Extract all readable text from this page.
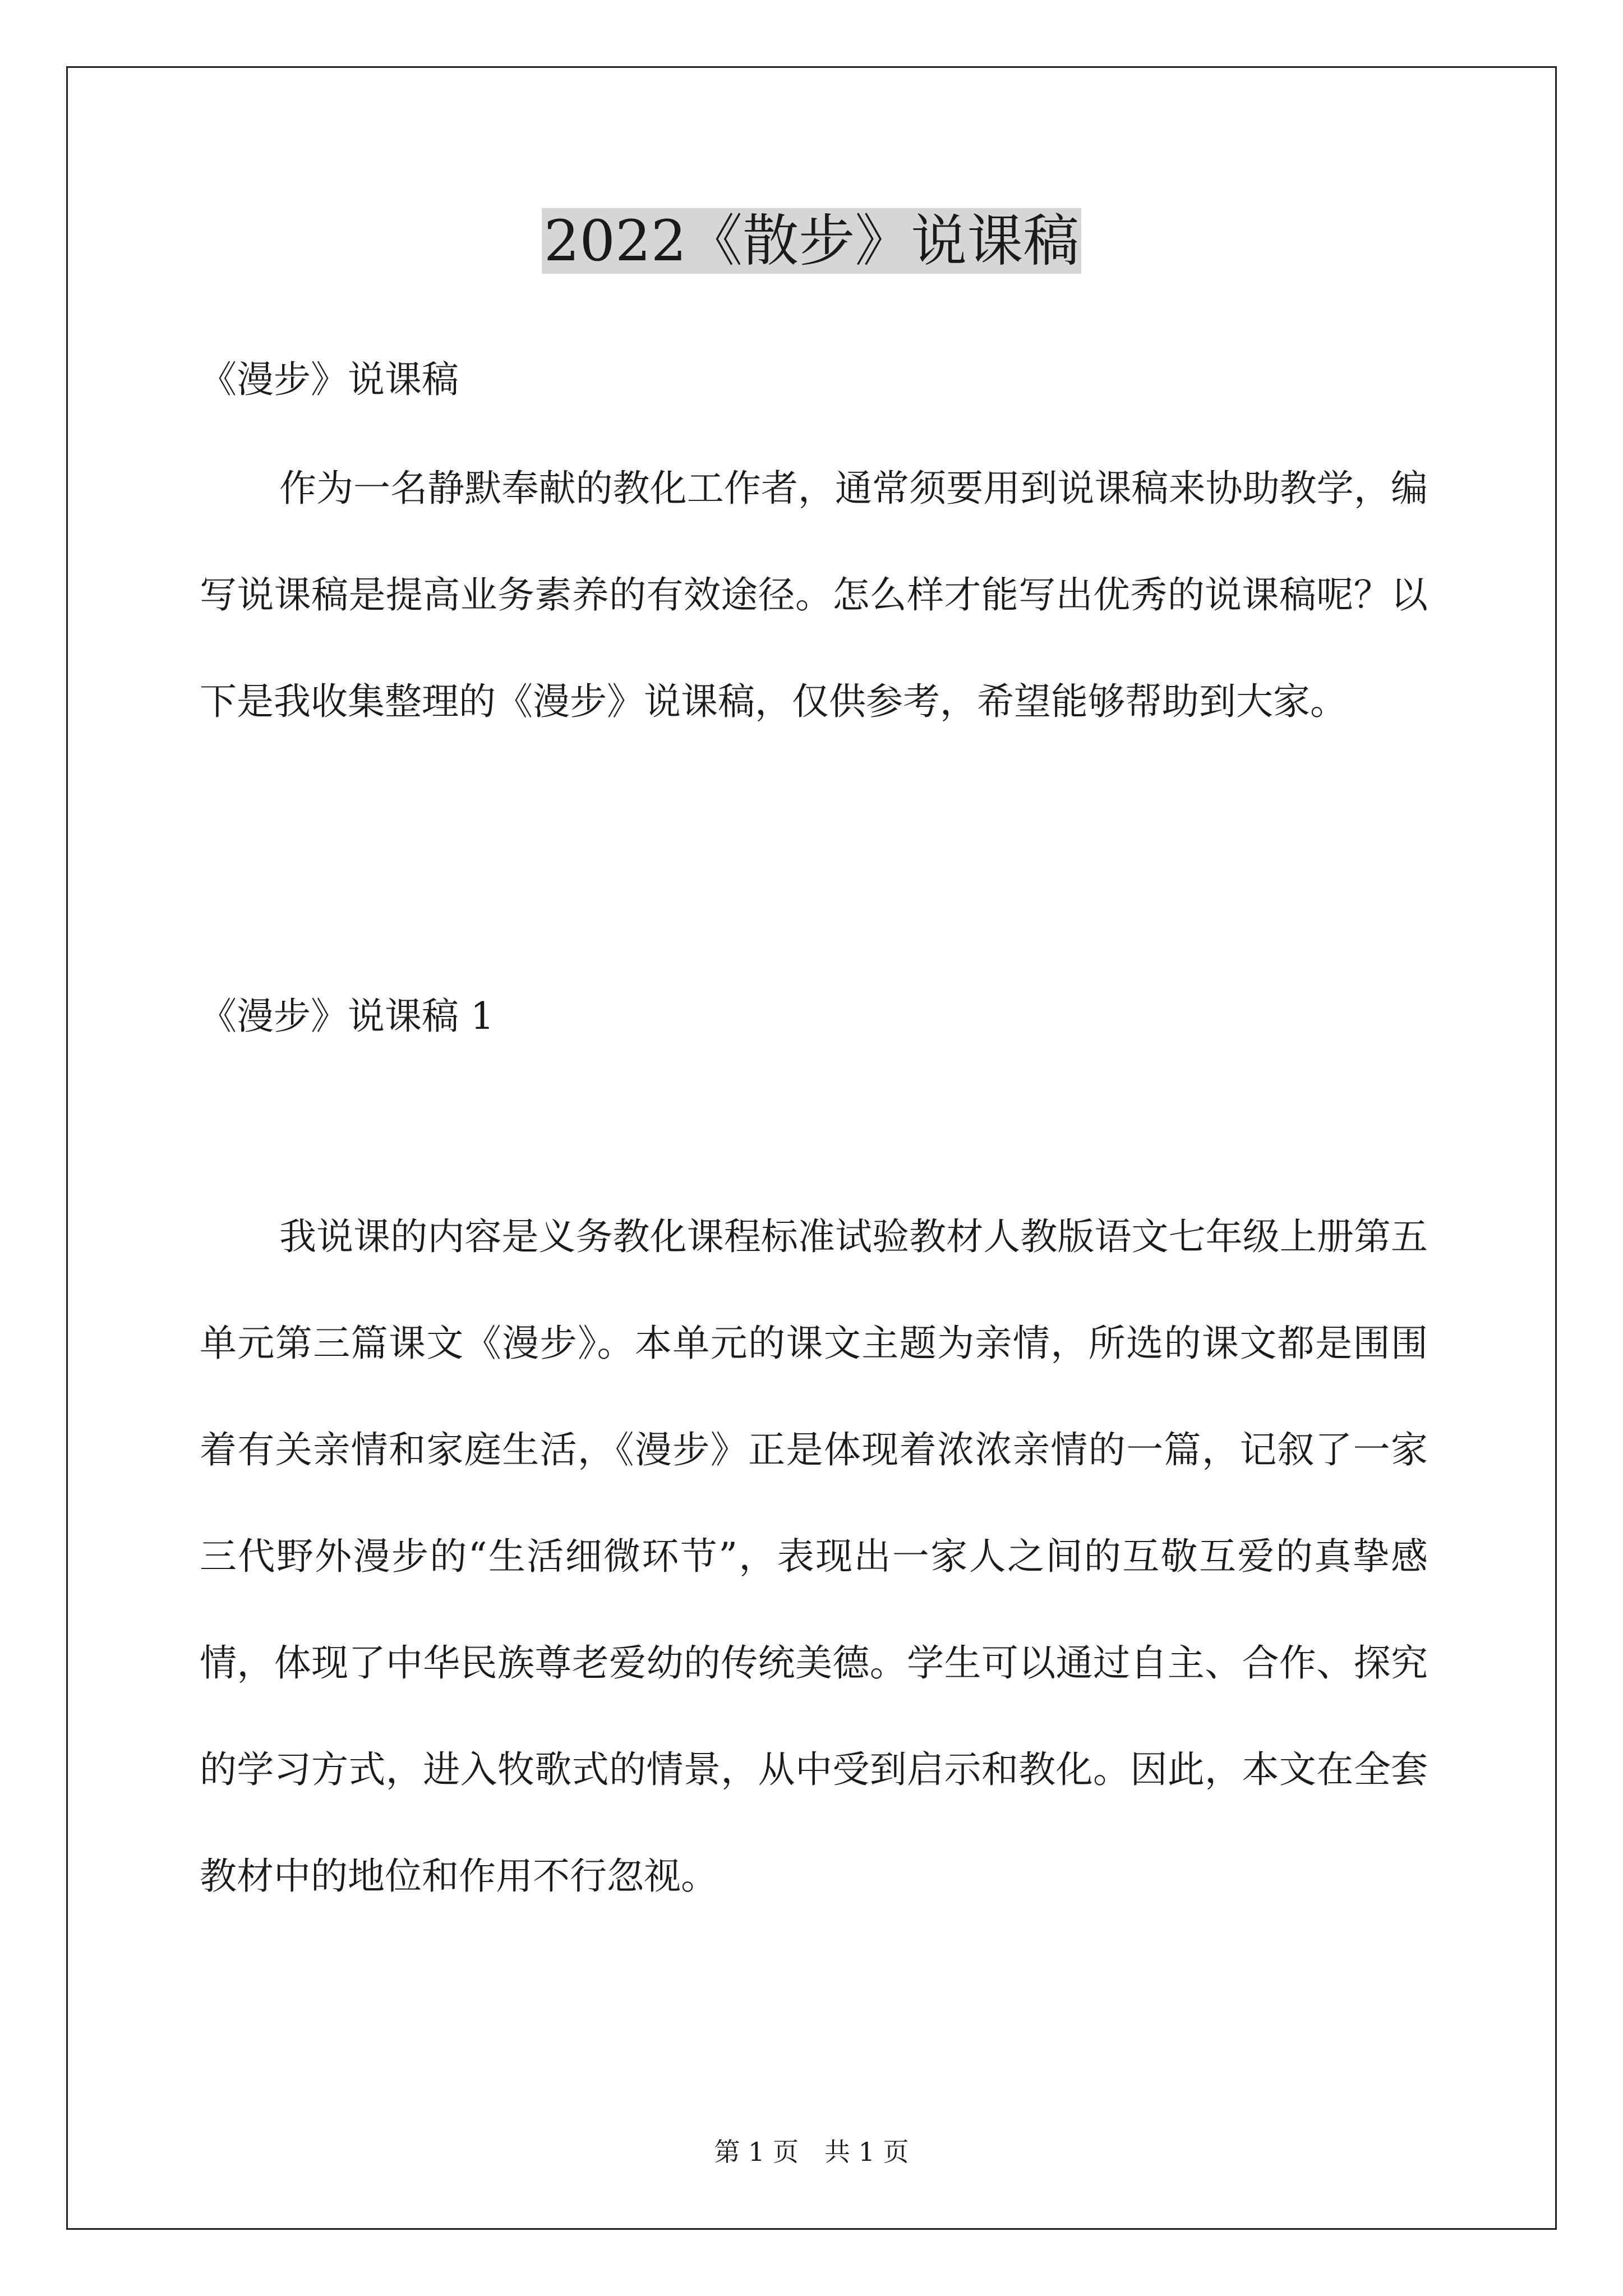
2022《散步》说课稿
《漫步》说课稿

作为一名静默奉献的教化工作者，通常须要用到说课稿来协助教学，编写说课稿是提高业务素养的有效途径。怎么样才能写出优秀的说课稿呢？以下是我收集整理的《漫步》说课稿，仅供参考，希望能够帮助到大家。

《漫步》说课稿 1

我说课的内容是义务教化课程标准试验教材人教版语文七年级上册第五单元第三篇课文《漫步》。本单元的课文主题为亲情，所选的课文都是围围着有关亲情和家庭生活，《漫步》正是体现着浓浓亲情的一篇，记叙了一家三代野外漫步的“生活细微环节”，表现出一家人之间的互敬互爱的真挚感情，体现了中华民族尊老爱幼的传统美德。学生可以通过自主、合作、探究的学习方式，进入牧歌式的情景，从中受到启示和教化。因此，本文在全套教材中的地位和作用不行忽视。

第 1 页　共 1 页
